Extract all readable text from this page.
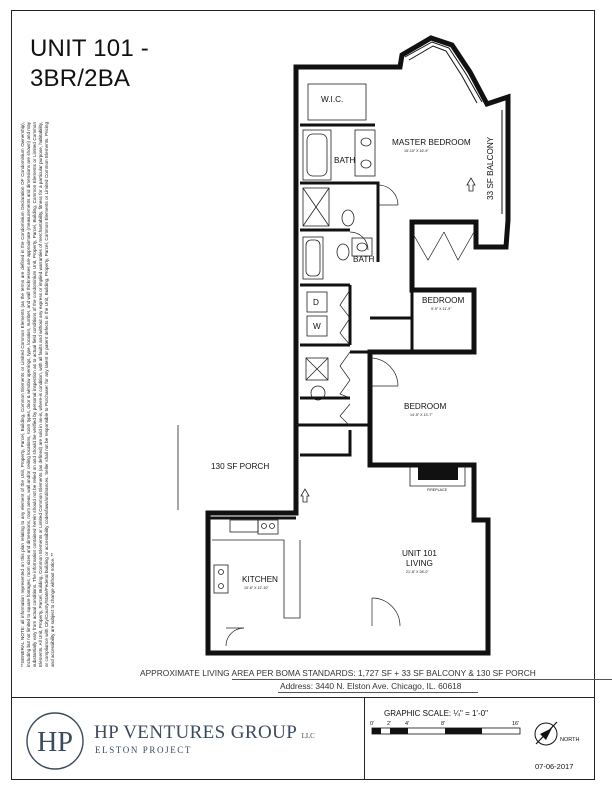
UNIT 101 -
3BR/2BA
**GENERAL NOTE: all information represented on this plan relating to any element of the Unit, Property, Parcel, Building, Common Elements or Limited Common Elements (as the terms are defined in the Condominium Declaration OF Condominium Ownership), including but not limited to square footages, room sizes and dimensions, room areas, wall and/or ceiling locations, room types, door & window openings, type, location, number, and wall thicknesses are approximate (measurements and dimensions are shown) and may substantially vary from actual conditions. The information contained herein should not be relied on and should be verified by personal inspection as to actual field conditions of the condominium Unit, Property, Parcel, Building, Common Elements or Limited Common Elements. All Unit, Property, Parcel, Building, Common Elements or Limited Common Elements (as defined) are sold in as-is, where-is condition, with all faults and without any express or implied warranties of merchantability, fitness for a particular purpose, habitability, or compliance with City/County/State/Federal building or accessibility codes/laws/ordinances. Seller shall not be responsible to Purchaser for any latent or patent defects in the Unit, Building, Property, Parcel, Common Elements or Limited Common Elements. Pricing and accessibility are subject to change without notice. **
W.I.C.
MASTER BEDROOM
15'-10" X 16'-9"
BATH
BATH
33 SF BALCONY
BEDROOM
9'-9" X 11'-9"
BEDROOM
14'-5" X 13'-7"
D
W
130 SF PORCH
FIREPLACE
KITCHEN
10'-6" X 12'-10"
UNIT 101
LIVING
21'-8" X 28'-0"
0' 2'	4'	8'	16'
NORTH
APPROXIMATE LIVING AREA PER BOMA STANDARDS: 1,727 SF + 33 SF BALCONY & 130 SF PORCH
Address: 3440 N. Elston Ave. Chicago, IL. 60618
HP HP VENTURES GROUP LLC
ELSTON PROJECT
GRAPHIC SCALE: ¼" = 1'-0"
07-06-2017
